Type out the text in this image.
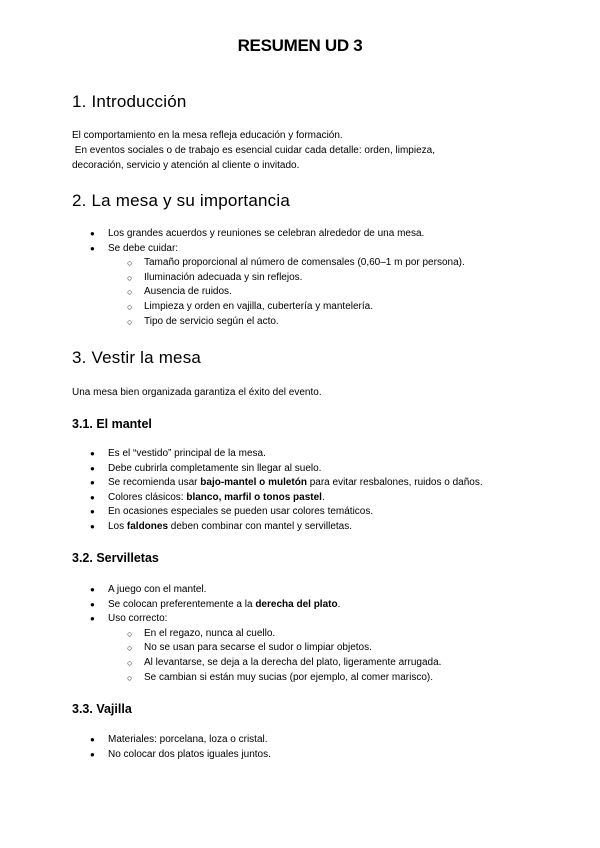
RESUMEN UD 3
1. Introducción
El comportamiento en la mesa refleja educación y formación.
En eventos sociales o de trabajo es esencial cuidar cada detalle: orden, limpieza,
decoración, servicio y atención al cliente o invitado.
2. La mesa y su importancia
● Los grandes acuerdos y reuniones se celebran alrededor de una mesa.
● Se debe cuidar:
○ Tamaño proporcional al número de comensales (0,60–1 m por persona).
○ Iluminación adecuada y sin reflejos.
○ Ausencia de ruidos.
○ Limpieza y orden en vajilla, cubertería y mantelería.
○ Tipo de servicio según el acto.
3. Vestir la mesa
Una mesa bien organizada garantiza el éxito del evento.
3.1. El mantel
● Es el “vestido” principal de la mesa.
● Debe cubrirla completamente sin llegar al suelo.
● Se recomienda usar bajo-mantel o muletón para evitar resbalones, ruidos o daños.
● Colores clásicos: blanco, marfil o tonos pastel.
● En ocasiones especiales se pueden usar colores temáticos.
● Los faldones deben combinar con mantel y servilletas.
3.2. Servilletas
● A juego con el mantel.
● Se colocan preferentemente a la derecha del plato.
● Uso correcto:
○ En el regazo, nunca al cuello.
○ No se usan para secarse el sudor o limpiar objetos.
○ Al levantarse, se deja a la derecha del plato, ligeramente arrugada.
○ Se cambian si están muy sucias (por ejemplo, al comer marisco).
3.3. Vajilla
● Materiales: porcelana, loza o cristal.
● No colocar dos platos iguales juntos.
